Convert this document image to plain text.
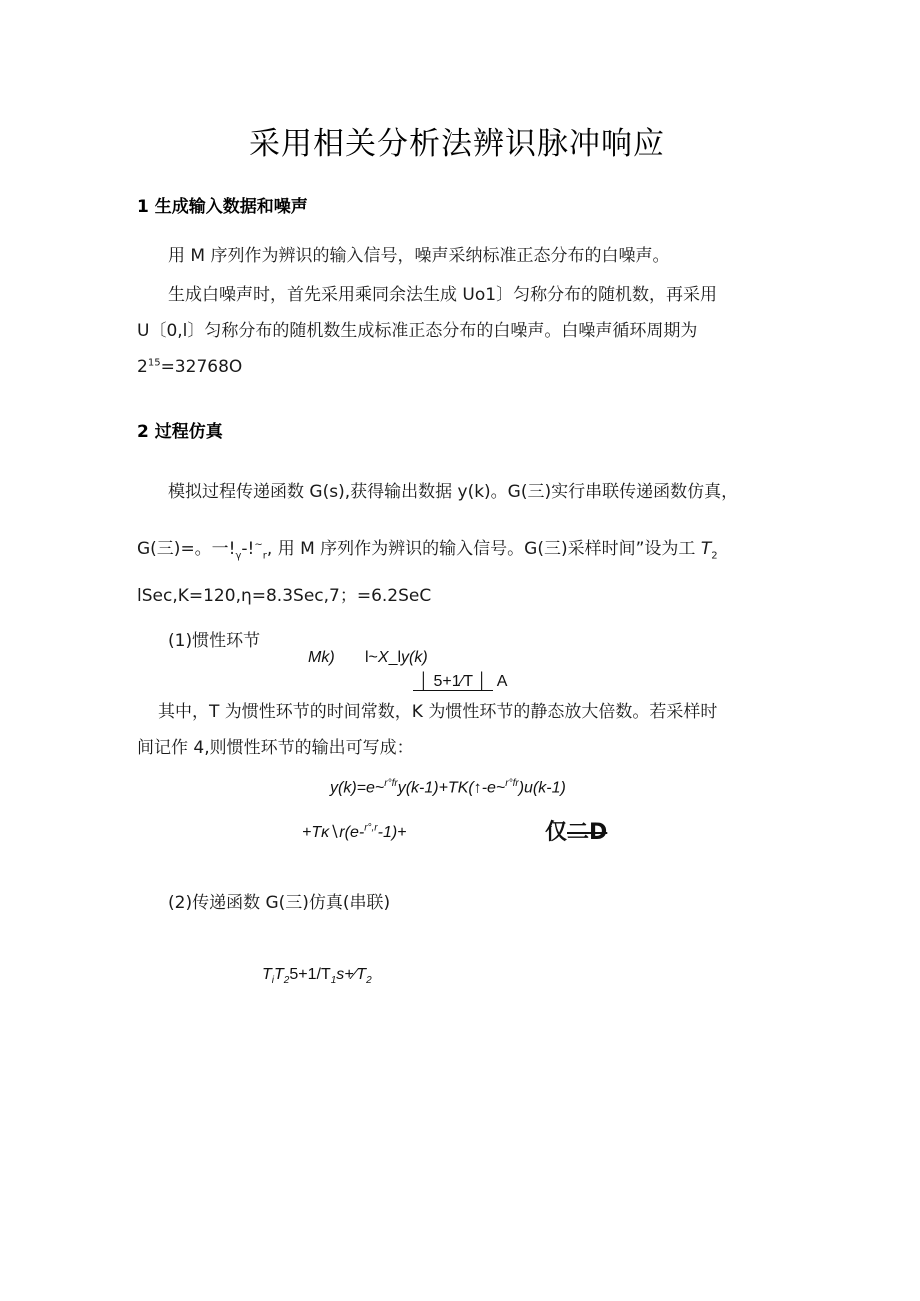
采用相关分析法辨识脉冲响应
1 生成输入数据和噪声
用 M 序列作为辨识的输入信号，噪声采纳标准正态分布的白噪声。
生成白噪声时，首先采用乘同余法生成 Uo1〕匀称分布的随机数，再采用
U〔0,l〕匀称分布的随机数生成标准正态分布的白噪声。白噪声循环周期为
$2^{15}=32768O$
2 过程仿真
模拟过程传递函数 G(s),获得输出数据 y(k)。G(三)实行串联传递函数仿真，
G(三)=。一$!_\gamma-!^\sim_r$, 用 M 序列作为辨识的输入信号。G(三)采样时间”设为工 $T_2$
lSec,K=120,η=8.3Sec,7；=6.2SeC
(1)惯性环节
Mk) l~X_ly(k)
│ 5+1⁄T │ A
其中，T 为惯性环节的时间常数，K 为惯性环节的静态放大倍数。若采样时
间记作 4,则惯性环节的输出可写成：
y(k)=e~$^{r^\circ fr}$y(k-1)+TK(↑-e~$^{r^\circ fr}$)u(k-1)
+Tκ∖r(e-$^{r^\circ,r}$-1)+	仅二D
(2)传递函数 G(三)仿真(串联)
$T_iT_25+1/T_1s+⁄T_2$
